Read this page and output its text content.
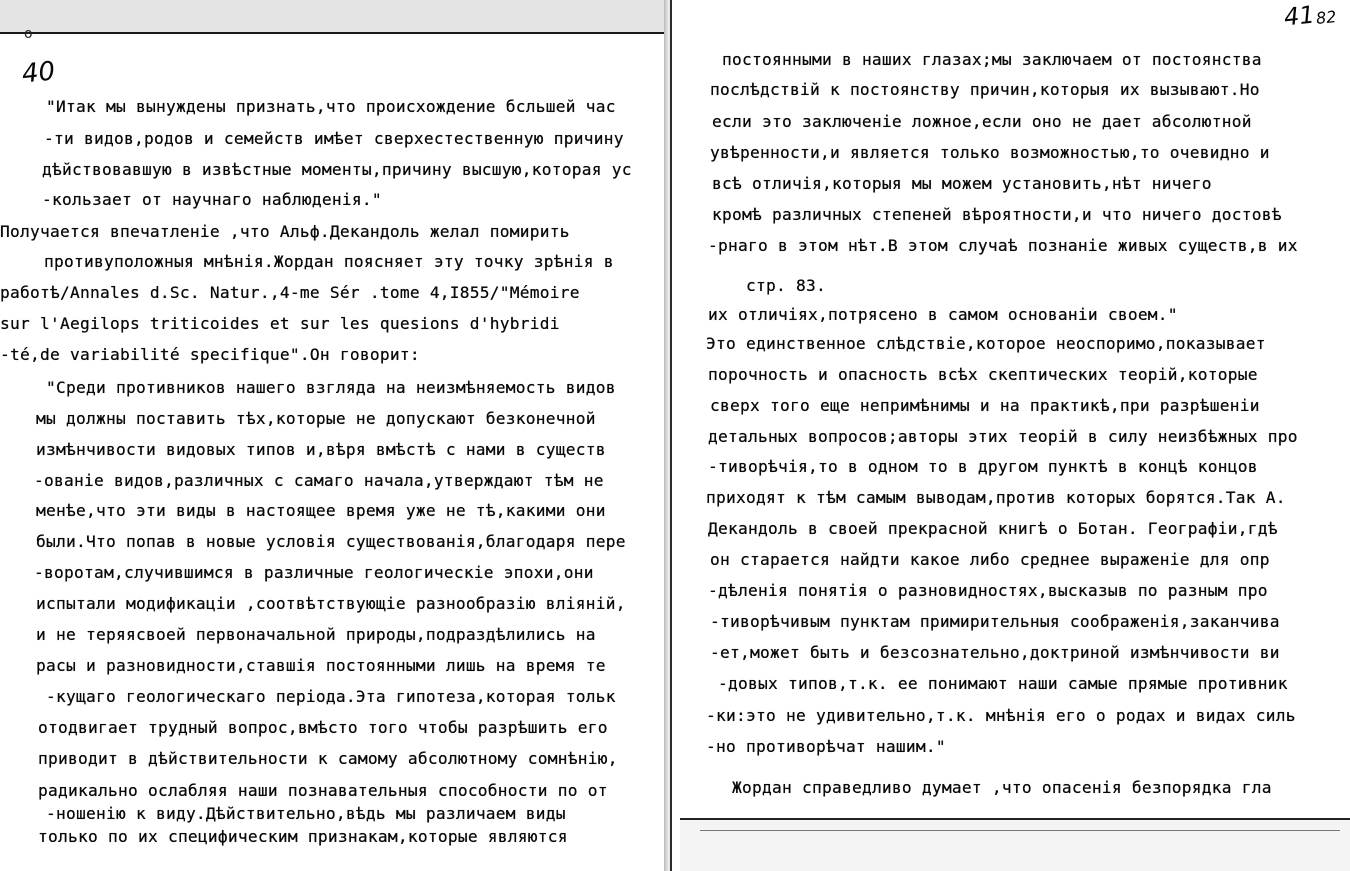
40
"Итак мы вынуждены признать,что происхождение бсльшей час
-ти видов,родов и семейств имѣет сверхестественную причину
дѣйствовавшую в извѣстные моменты,причину высшую,которая ус
-кользает от научнаго наблюденія."
Получается впечатленіе ,что Альф.Декандоль желал помирить
противуположныя мнѣнія.Жордан поясняет эту точку зрѣнія в
работѣ/Annales d.Sc. Natur.,4-me Sér .tome 4,I855/"Mémoire
sur l'Aegilops triticoides et sur les quesions d'hybridi
-té,de variabilité specifique".Он говорит:
"Среди противников нашего взгляда на неизмѣняемость видов
мы должны поставить тѣх,которые не допускают безконечной
измѣнчивости видовых типов и,вѣря вмѣстѣ с нами в существ
-ованіе видов,различных с самаго начала,утверждают тѣм не
менѣе,что эти виды в настоящее время уже не тѣ,какими они
были.Что попав в новые условія существованія,благодаря пере
-воротам,случившимся в различные геологическіе эпохи,они
испытали модификаціи ,соотвѣтствующіе разнообразію вліяній,
и не теряясвоей первоначальной природы,подраздѣлились на
расы и разновидности,ставшія постоянными лишь на время те
-кущаго геологическаго періода.Эта гипотеза,которая тольк
отодвигает трудный вопрос,вмѣсто того чтобы разрѣшить его
приводит в дѣйствительности к самому абсолютному сомнѣнію,
радикально ослабляя наши познавательныя способности по от
-ношенію к виду.Дѣйствительно,вѣдь мы различаем виды
только по их специфическим признакам,которые являются
о
41 82
постоянными в наших глазах;мы заключаем от постоянства
послѣдствій к постоянству причин,которыя их вызывают.Но
если это заключеніе ложное,если оно не дает абсолютной
увѣренности,и является только возможностью,то очевидно и
всѣ отличія,которыя мы можем установить,нѣт ничего
кромѣ различных степеней вѣроятности,и что ничего достовѣ
-рнаго в этом нѣт.В этом случаѣ познаніе живых существ,в их
стр. 83.
их отличіях,потрясено в самом основаніи своем."
Это единственное слѣдствіе,которое неоспоримо,показывает
порочность и опасность всѣх скептических теорій,которые
сверх того еще непримѣнимы и на практикѣ,при разрѣшеніи
детальных вопросов;авторы этих теорій в силу неизбѣжных про
-тиворѣчія,то в одном то в другом пунктѣ в концѣ концов
приходят к тѣм самым выводам,против которых борятся.Так А.
Декандоль в своей прекрасной книгѣ о Ботан. Географіи,гдѣ
он старается найдти какое либо среднее выраженіе для опр
-дѣленія понятія о разновидностях,высказыв по разным про
-тиворѣчивым пунктам примирительныя соображенія,заканчива
-ет,может быть и безсознательно,доктриной измѣнчивости ви
-довых типов,т.к. ее понимают наши самые прямые противник
-ки:это не удивительно,т.к. мнѣнія его о родах и видах силь
-но противорѣчат нашим."
Жордан справедливо думает ,что опасенія безпорядка гла
